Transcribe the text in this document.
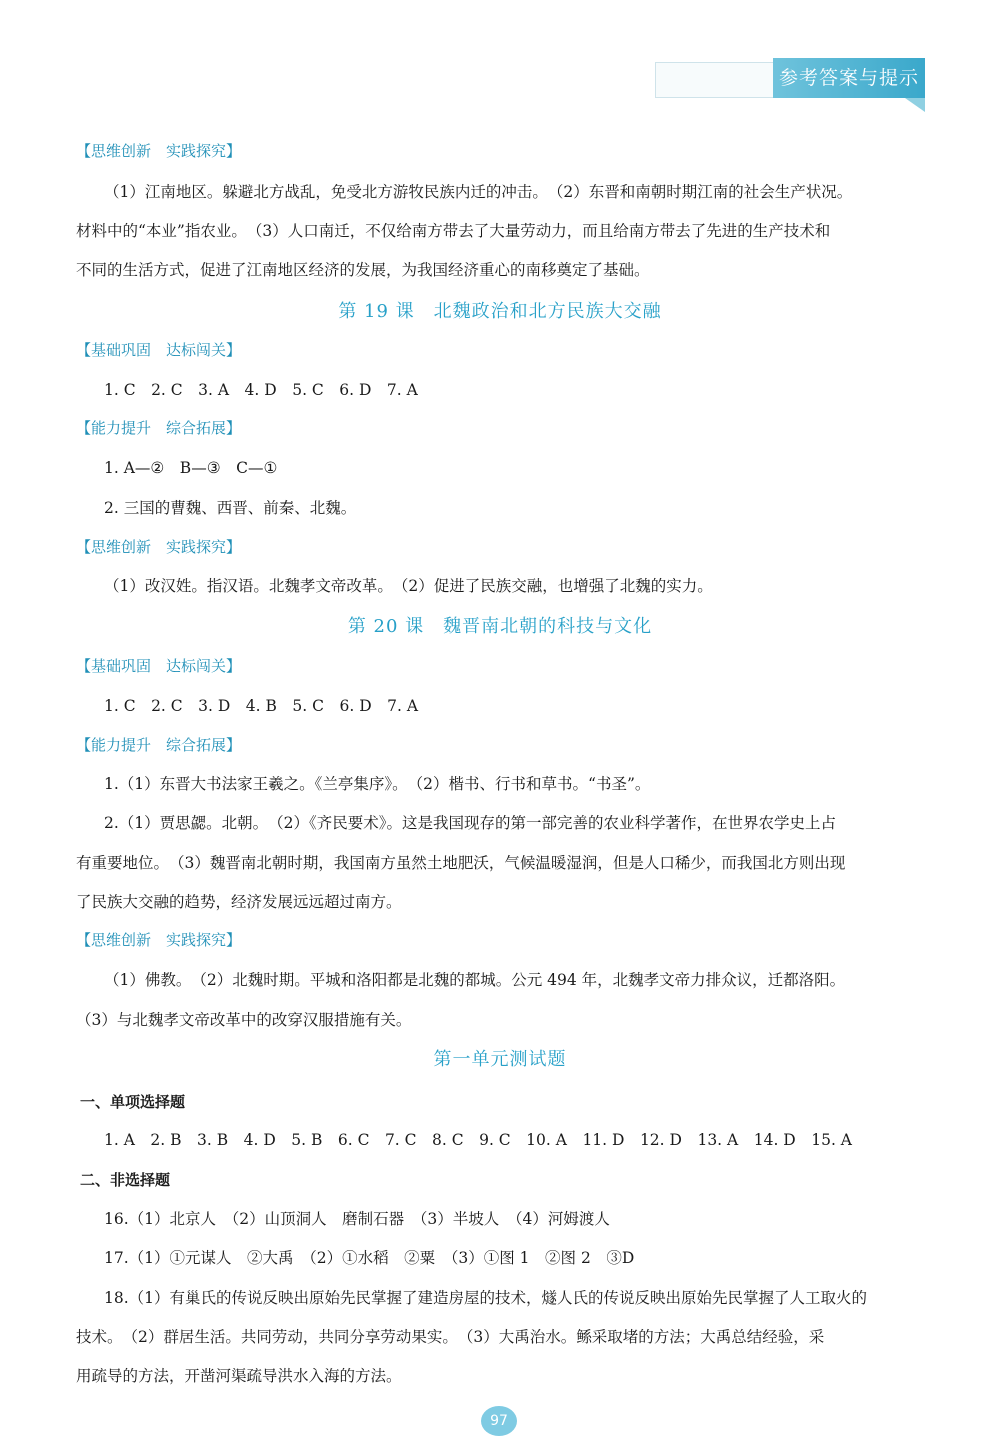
参考答案与提示
【思维创新　实践探究】
（1）江南地区。躲避北方战乱，免受北方游牧民族内迁的冲击。　（2）东晋和南朝时期江南的社会生产状况。
材料中的“本业”指农业。　（3）人口南迁，不仅给南方带去了大量劳动力，而且给南方带去了先进的生产技术和
不同的生活方式，促进了江南地区经济的发展，为我国经济重心的南移奠定了基础。
第 19 课　北魏政治和北方民族大交融
【基础巩固　达标闯关】
1. C　2. C　3. A　4. D　5. C　6. D　7. A
【能力提升　综合拓展】
1. A—②　B—③　C—①
2. 三国的曹魏、西晋、前秦、北魏。
【思维创新　实践探究】
（1）改汉姓。指汉语。北魏孝文帝改革。　（2）促进了民族交融，也增强了北魏的实力。
第 20 课　魏晋南北朝的科技与文化
【基础巩固　达标闯关】
1. C　2. C　3. D　4. B　5. C　6. D　7. A
【能力提升　综合拓展】
1.（1）东晋大书法家王羲之。《兰亭集序》。　（2）楷书、行书和草书。“书圣”。
2.（1）贾思勰。北朝。　（2）《齐民要术》。这是我国现存的第一部完善的农业科学著作，在世界农学史上占
有重要地位。　（3）魏晋南北朝时期，我国南方虽然土地肥沃，气候温暖湿润，但是人口稀少，而我国北方则出现
了民族大交融的趋势，经济发展远远超过南方。
【思维创新　实践探究】
（1）佛教。　（2）北魏时期。平城和洛阳都是北魏的都城。公元 494 年，北魏孝文帝力排众议，迁都洛阳。
（3）与北魏孝文帝改革中的改穿汉服措施有关。
第一单元测试题
一、单项选择题
1. A　2. B　3. B　4. D　5. B　6. C　7. C　8. C　9. C　10. A　11. D　12. D　13. A　14. D　15. A
二、非选择题
16.（1）北京人　（2）山顶洞人　磨制石器　（3）半坡人　（4）河姆渡人
17.（1）①元谋人　②大禹　（2）①水稻　②粟　（3）①图 1　②图 2　③D
18.（1）有巢氏的传说反映出原始先民掌握了建造房屋的技术，燧人氏的传说反映出原始先民掌握了人工取火的
技术。　（2）群居生活。共同劳动，共同分享劳动果实。　（3）大禹治水。鲧采取堵的方法；大禹总结经验，采
用疏导的方法，开凿河渠疏导洪水入海的方法。
97
